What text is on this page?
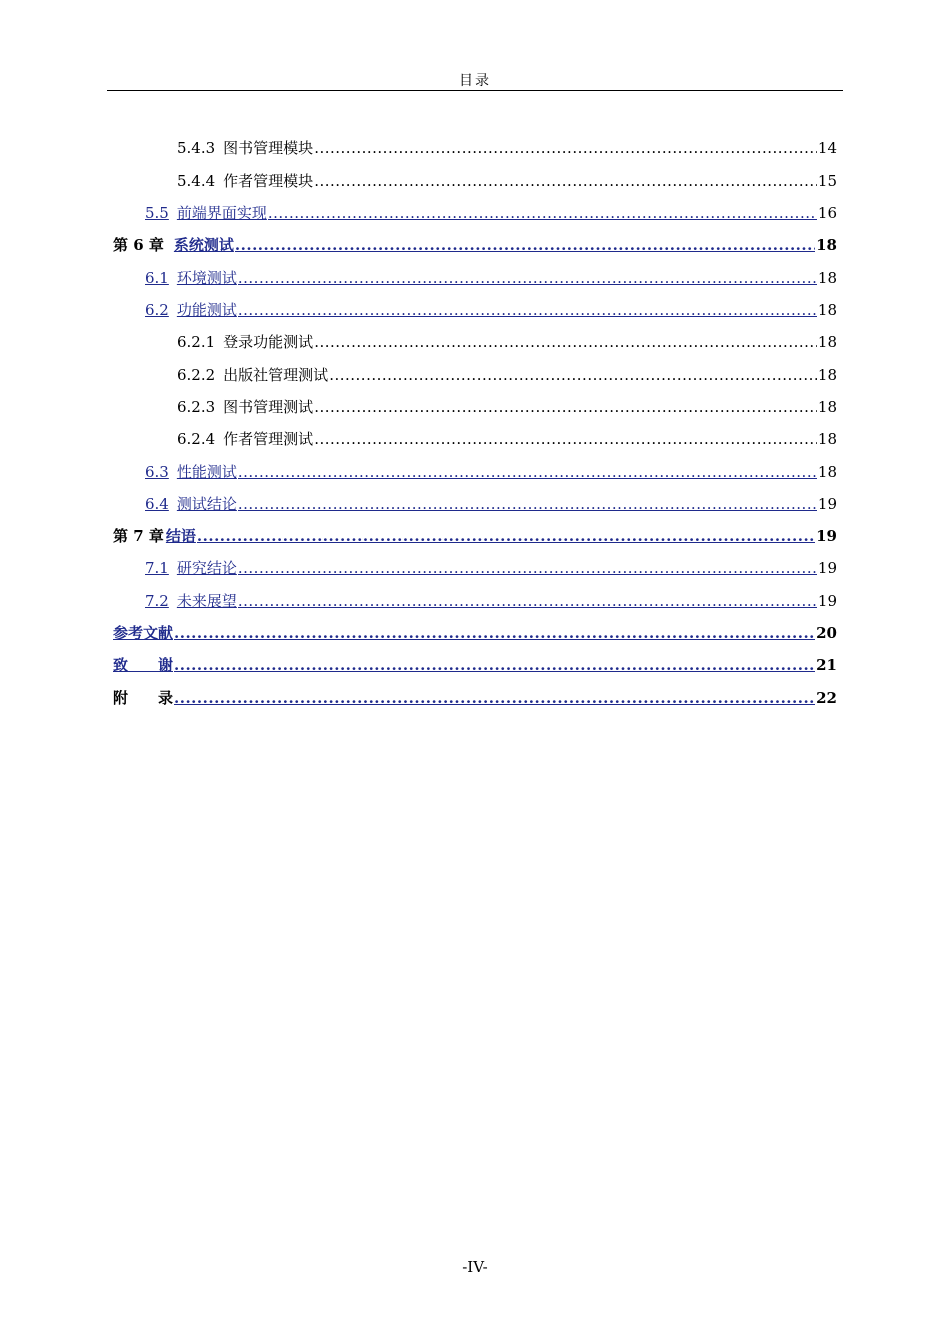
目录
5.4.3 图书管理模块 .....	14
5.4.4 作者管理模块 .....	15
5.5 前端界面实现 .....	16
第 6 章 系统测试 .....	18
6.1 环境测试 .....	18
6.2 功能测试 .....	18
6.2.1 登录功能测试 .....	18
6.2.2 出版社管理测试 .....	18
6.2.3 图书管理测试 .....	18
6.2.4 作者管理测试 .....	18
6.3 性能测试 .....	18
6.4 测试结论 .....	19
第 7 章 结语 .....	19
7.1 研究结论 .....	19
7.2 未来展望 .....	19
参考文献 .....	20
致　　谢 .....	21
附　　录 .....	22
-IV-
